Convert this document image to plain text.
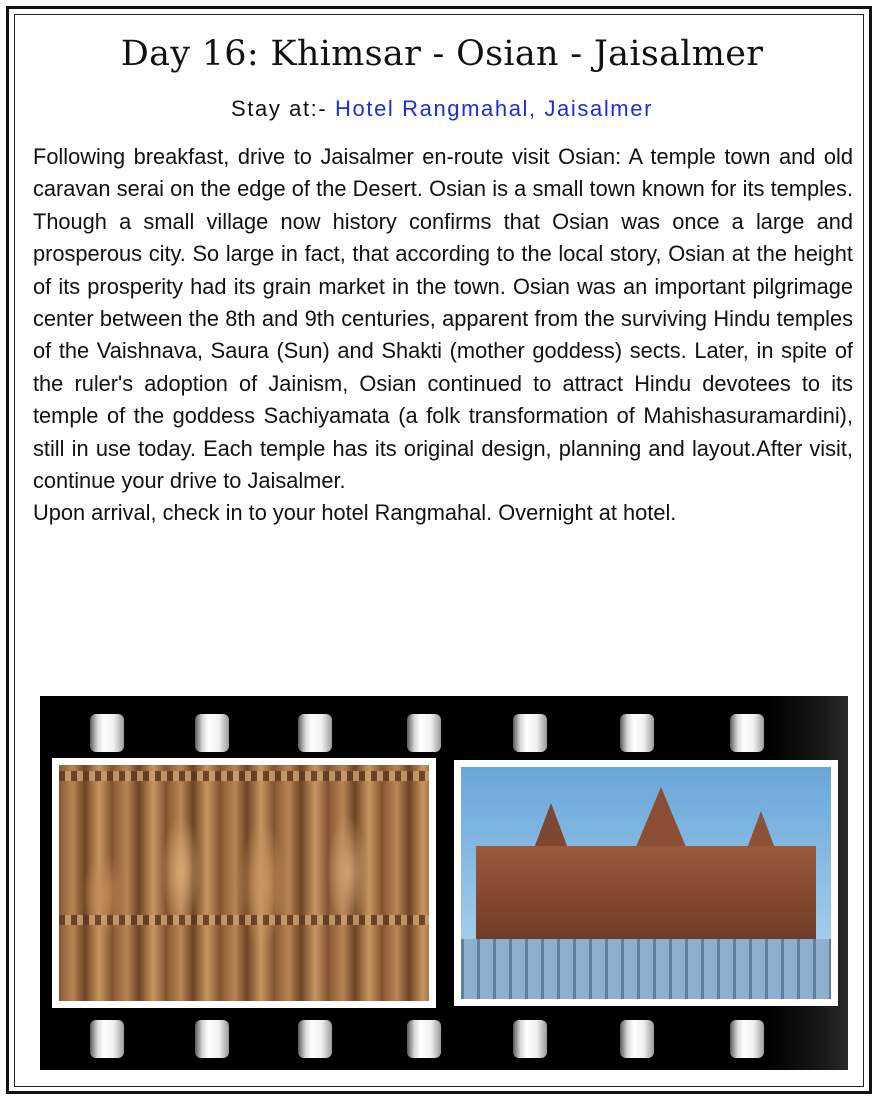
Day 16: Khimsar - Osian - Jaisalmer
Stay at:- Hotel Rangmahal, Jaisalmer

Following breakfast, drive to Jaisalmer en-route visit Osian: A temple town and old caravan serai on the edge of the Desert. Osian is a small town known for its temples. Though a small village now history confirms that Osian was once a large and prosperous city. So large in fact, that according to the local story, Osian at the height of its prosperity had its grain market in the town. Osian was an important pilgrimage center between the 8th and 9th centuries, apparent from the surviving Hindu temples of the Vaishnava, Saura (Sun) and Shakti (mother goddess) sects. Later, in spite of the ruler's adoption of Jainism, Osian continued to attract Hindu devotees to its temple of the goddess Sachiyamata (a folk transformation of Mahishasuramardini), still in use today. Each temple has its original design, planning and layout.After visit, continue your drive to Jaisalmer.

Upon arrival, check in to your hotel Rangmahal. Overnight at hotel.
